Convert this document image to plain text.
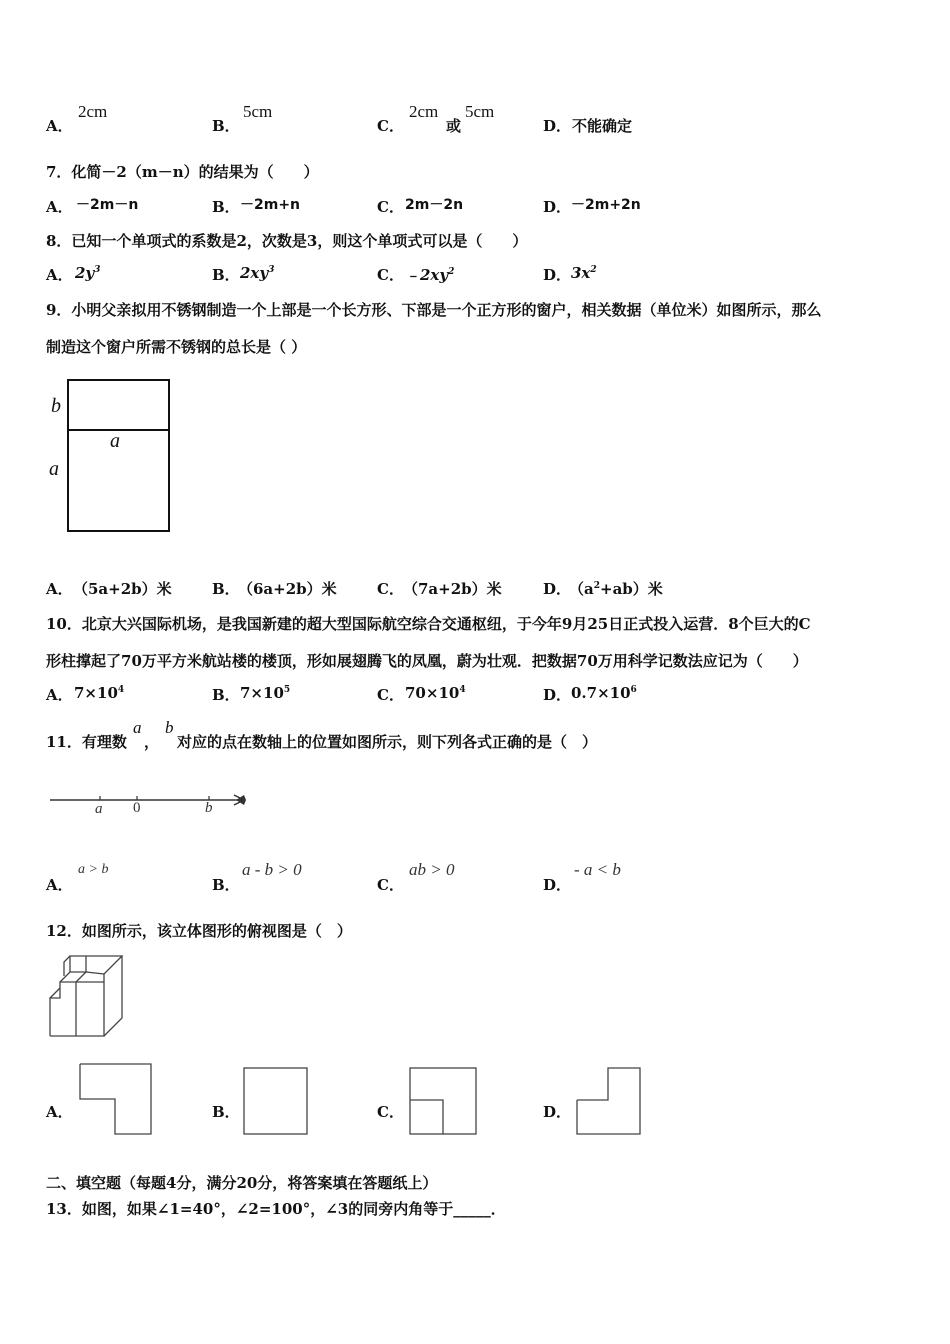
A．
2cm
B．
5cm
C．
2cm
或
5cm
D． 不能确定
7．化简－2（m－n）的结果为（　　）
A． －2m－n	B． －2m+n	C． 2m－2n	D． －2m+2n
8．已知一个单项式的系数是2，次数是3，则这个单项式可以是（　　）
A． $2y^3$	B． $2xy^3$	C． $﹣2xy^2$	D． $3x^2$
9．小明父亲拟用不锈钢制造一个上部是一个长方形、下部是一个正方形的窗户，相关数据（单位米）如图所示，那么
制造这个窗户所需不锈钢的总长是（ ）
b
a
a
A． （5a+2b）米	B．
（6a+2b）米	C． （7a+2b）米	D．
$(a^2+ab)$米
10．北京大兴国际机场，是我国新建的超大型国际航空综合交通枢纽，于今年9月25日正式投入运营．8个巨大的C
形柱撑起了70万平方米航站楼的楼顶，形如展翅腾飞的凤凰，蔚为壮观．把数据70万用科学记数法应记为（　　）
A． $7\times 10^4$	B． $7\times 10^5$	C． $70\times 10^4$	D． $0.7\times 10^6$
11．有理数
a
，
b
对应的点在数轴上的位置如图所示，则下列各式正确的是（　）
a 0	b
A．
a > b
B．
a - b > 0
C．
ab > 0
D．
- a < b
12．如图所示，该立体图形的俯视图是（　）
A．	B．	C．	D．
二、填空题（每题4分，满分20分，将答案填在答题纸上）
13．如图，如果∠1=40°，∠2=100°，∠3的同旁内角等于_____．
